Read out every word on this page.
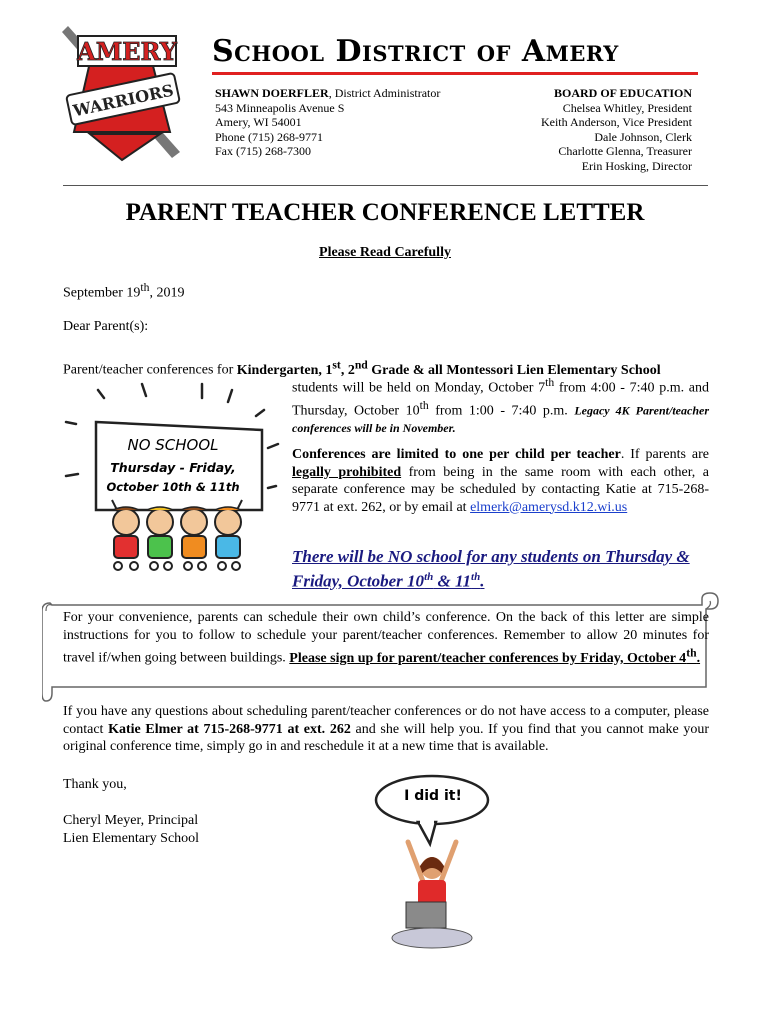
AMERY
WARRIORS
School District of Amery
SHAWN DOERFLER, District Administrator
543 Minneapolis Avenue S
Amery, WI 54001
Phone (715) 268-9771
Fax (715) 268-7300
BOARD OF EDUCATION
Chelsea Whitley, President
Keith Anderson, Vice President
Dale Johnson, Clerk
Charlotte Glenna, Treasurer
Erin Hosking, Director
PARENT TEACHER CONFERENCE LETTER
Please Read Carefully
September 19th, 2019
Dear Parent(s):
Parent/teacher conferences for Kindergarten, 1st, 2nd Grade & all Montessori Lien Elementary School
students will be held on Monday, October 7th from 4:00 - 7:40 p.m. and Thursday, October 10th from 1:00 - 7:40 p.m. Legacy 4K Parent/teacher conferences will be in November.
NO SCHOOL
Thursday - Friday,
October 10th & 11th
Conferences are limited to one per child per teacher. If parents are legally prohibited from being in the same room with each other, a separate conference may be scheduled by contacting Katie at 715-268-9771 at ext. 262, or by email at elmerk@amerysd.k12.wi.us
There will be NO school for any students on Thursday & Friday, October 10th & 11th.
For your convenience, parents can schedule their own child’s conference. On the back of this letter are simple instructions for you to follow to schedule your parent/teacher conferences. Remember to allow 20 minutes for travel if/when going between buildings. Please sign up for parent/teacher conferences by Friday, October 4th.
If you have any questions about scheduling parent/teacher conferences or do not have access to a computer, please contact Katie Elmer at 715-268-9771 at ext. 262 and she will help you. If you find that you cannot make your original conference time, simply go in and reschedule it at a new time that is available.
Thank you,
Cheryl Meyer, Principal
Lien Elementary School
I did it!
